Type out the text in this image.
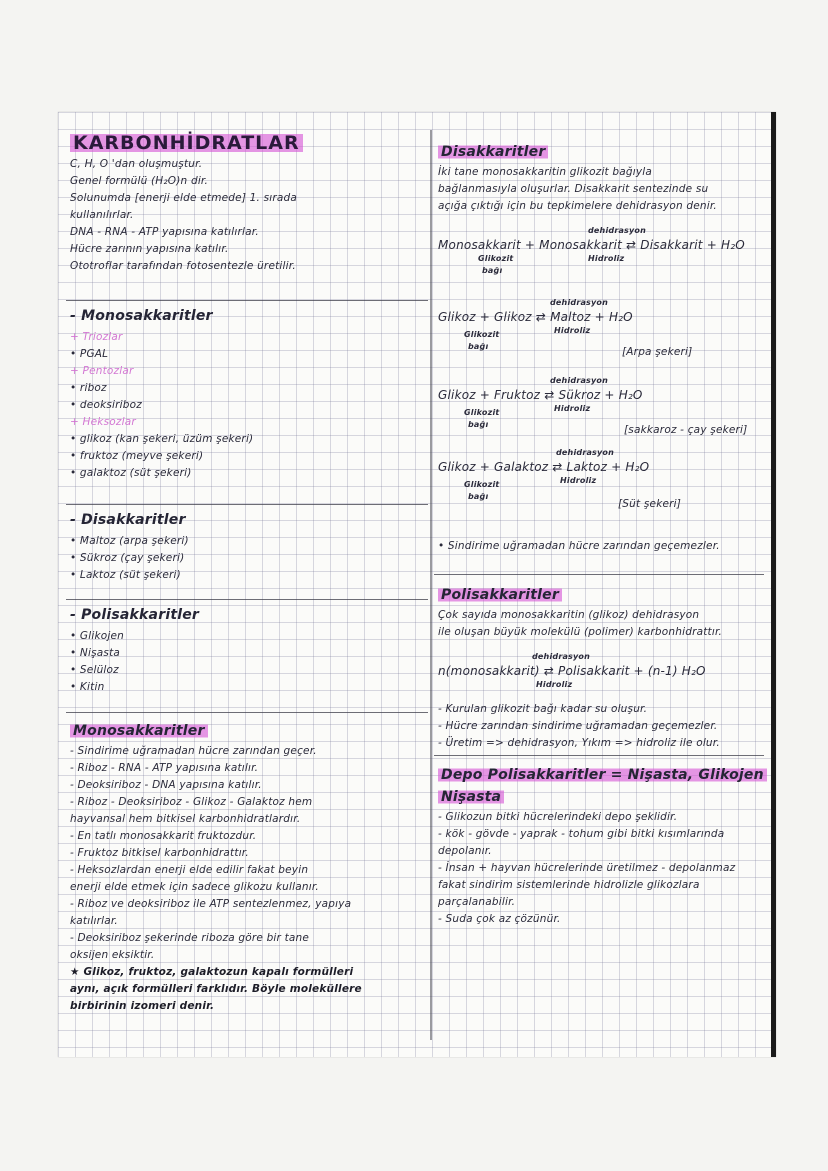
KARBONHİDRATLAR
C, H, O 'dan oluşmuştur.
Genel formülü (H₂O)n dir.
Solunumda [enerji elde etmede] 1. sırada
kullanılırlar.
DNA - RNA - ATP yapısına katılırlar.
Hücre zarının yapısına katılır.
Ototroflar tarafından fotosentezle üretilir.
- Monosakkaritler
+ Triozlar
• PGAL
+ Pentozlar
• riboz
• deoksiriboz
+ Heksozlar
• glikoz (kan şekeri, üzüm şekeri)
• fruktoz (meyve şekeri)
• galaktoz (süt şekeri)
- Disakkaritler
• Maltoz (arpa şekeri)
• Sükroz (çay şekeri)
• Laktoz (süt şekeri)
- Polisakkaritler
• Glikojen
• Nişasta
• Selüloz
• Kitin
Monosakkaritler
- Sindirime uğramadan hücre zarından geçer.
- Riboz - RNA - ATP yapısına katılır.
- Deoksiriboz - DNA yapısına katılır.
- Riboz - Deoksiriboz - Glikoz - Galaktoz hem
hayvansal hem bitkisel karbonhidratlardır.
- En tatlı monosakkarit fruktozdur.
- Fruktoz bitkisel karbonhidrattır.
- Heksozlardan enerji elde edilir fakat beyin
enerji elde etmek için sadece glikozu kullanır.
- Riboz ve deoksiriboz ile ATP sentezlenmez, yapıya
katılırlar.
- Deoksiriboz şekerinde riboza göre bir tane
oksijen eksiktir.
★ Glikoz, fruktoz, galaktozun kapalı formülleri
aynı, açık formülleri farklıdır. Böyle moleküllere
birbirinin izomeri denir.
Disakkaritler
İki tane monosakkaritin glikozit bağıyla
bağlanmasıyla oluşurlar. Disakkarit sentezinde su
açığa çıktığı için bu tepkimelere dehidrasyon denir.
dehidrasyon
Monosakkarit + Monosakkarit ⇄ Disakkarit + H₂O
Hidroliz
Glikozit
bağı
dehidrasyon
Glikoz + Glikoz ⇄ Maltoz + H₂O
Hidroliz
Glikozit
bağı	[Arpa şekeri]
dehidrasyon
Glikoz + Fruktoz ⇄ Sükroz + H₂O
Hidroliz
Glikozit
bağı	[sakkaroz - çay şekeri]
dehidrasyon
Glikoz + Galaktoz ⇄ Laktoz + H₂O
Hidroliz
Glikozit
bağı
[Süt şekeri]
• Sindirime uğramadan hücre zarından geçemezler.
Polisakkaritler
Çok sayıda monosakkaritin (glikoz) dehidrasyon
ile oluşan büyük molekülü (polimer) karbonhidrattır.
dehidrasyon
n(monosakkarit) ⇄ Polisakkarit + (n-1) H₂O
Hidroliz
- Kurulan glikozit bağı kadar su oluşur.
- Hücre zarından sindirime uğramadan geçemezler.
- Üretim => dehidrasyon, Yıkım => hidroliz ile olur.
Depo Polisakkaritler = Nişasta, Glikojen
Nişasta
- Glikozun bitki hücrelerindeki depo şeklidir.
- kök - gövde - yaprak - tohum gibi bitki kısımlarında
depolanır.
- İnsan + hayvan hücrelerinde üretilmez - depolanmaz
fakat sindirim sistemlerinde hidrolizle glikozlara
parçalanabilir.
- Suda çok az çözünür.
